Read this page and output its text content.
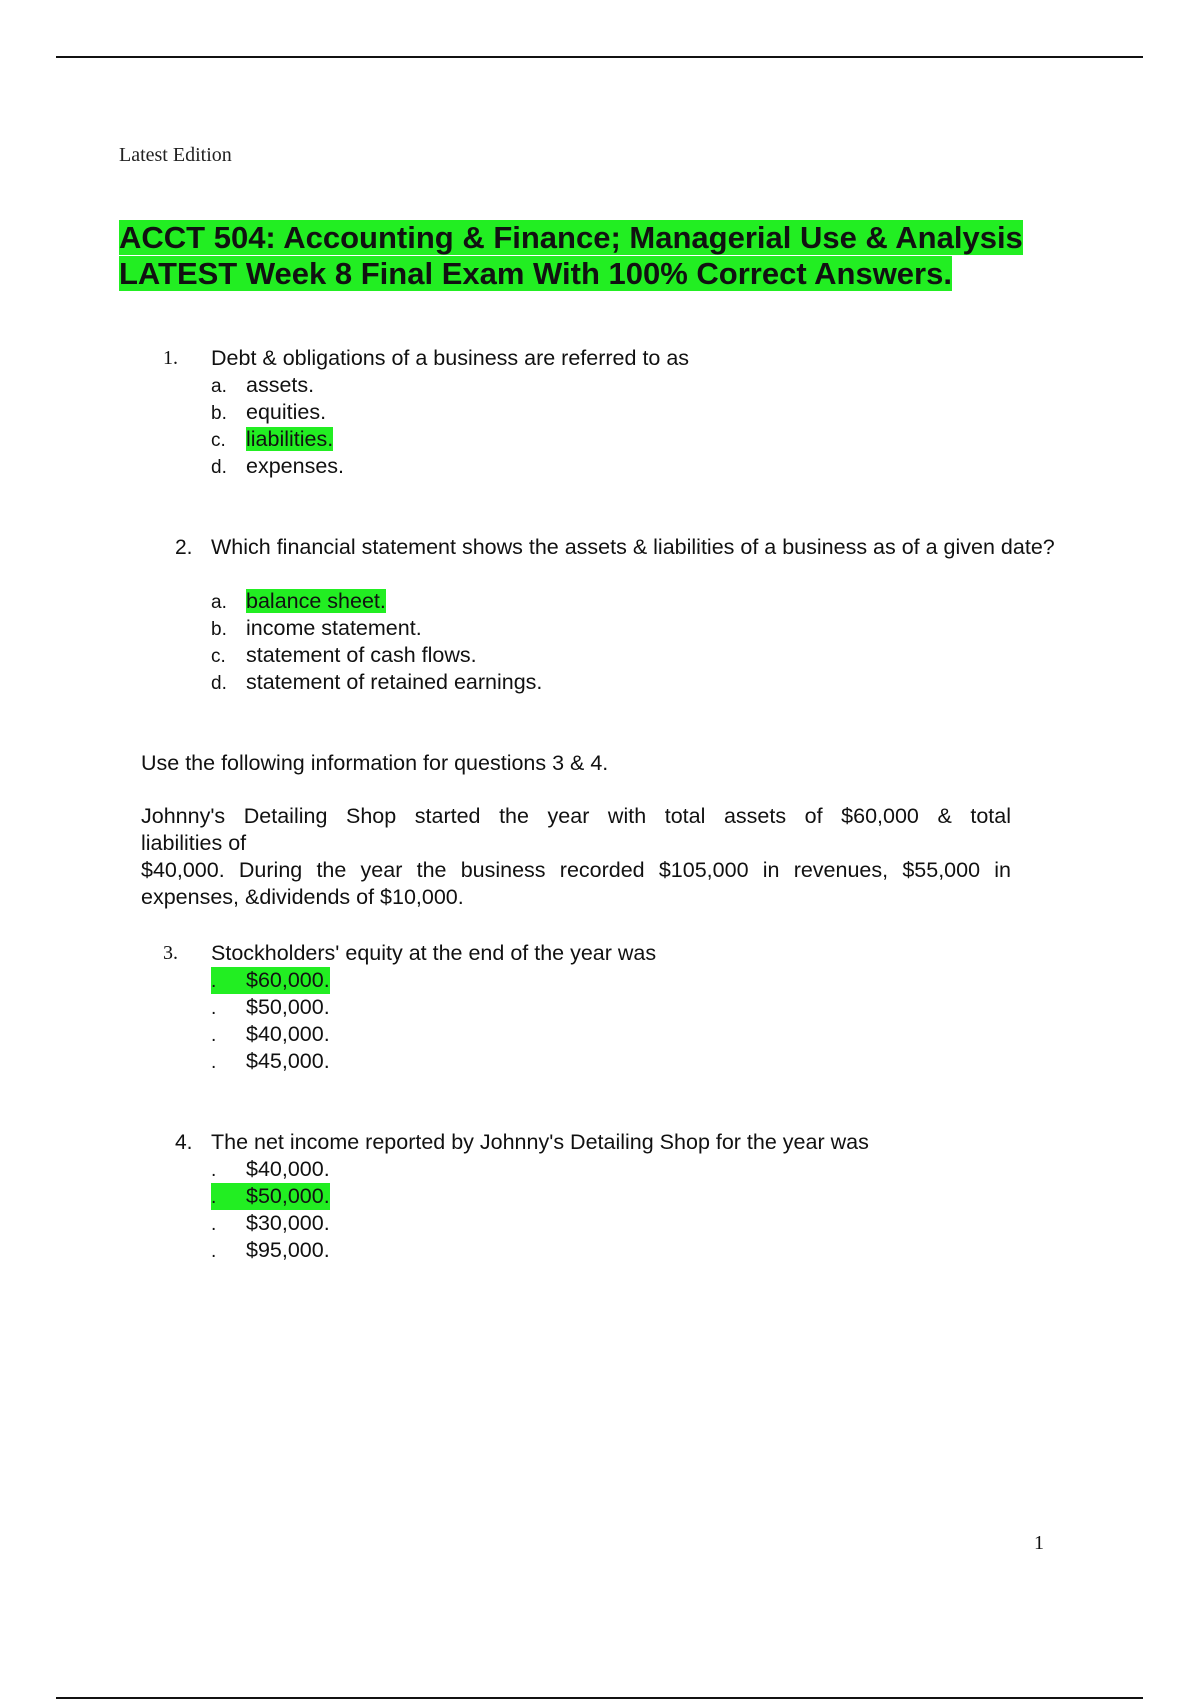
Latest Edition
ACCT 504: Accounting & Finance; Managerial Use & Analysis
LATEST Week 8 Final Exam With 100% Correct Answers.
1. Debt & obligations of a business are referred to as
a. assets.
b. equities.
c. liabilities.
d. expenses.
2. Which financial statement shows the assets & liabilities of a business as of a given date?
a. balance sheet.
b. income statement.
c. statement of cash flows.
d. statement of retained earnings.
Use the following information for questions 3 & 4.
Johnny's Detailing Shop started the year with total assets of $60,000 & total
liabilities of
$40,000. During the year the business recorded $105,000 in revenues, $55,000 in
expenses, &dividends of $10,000.
3. Stockholders' equity at the end of the year was
. $60,000.
. $50,000.
. $40,000.
. $45,000.
4. The net income reported by Johnny's Detailing Shop for the year was
. $40,000.
. $50,000.
. $30,000.
. $95,000.
1
